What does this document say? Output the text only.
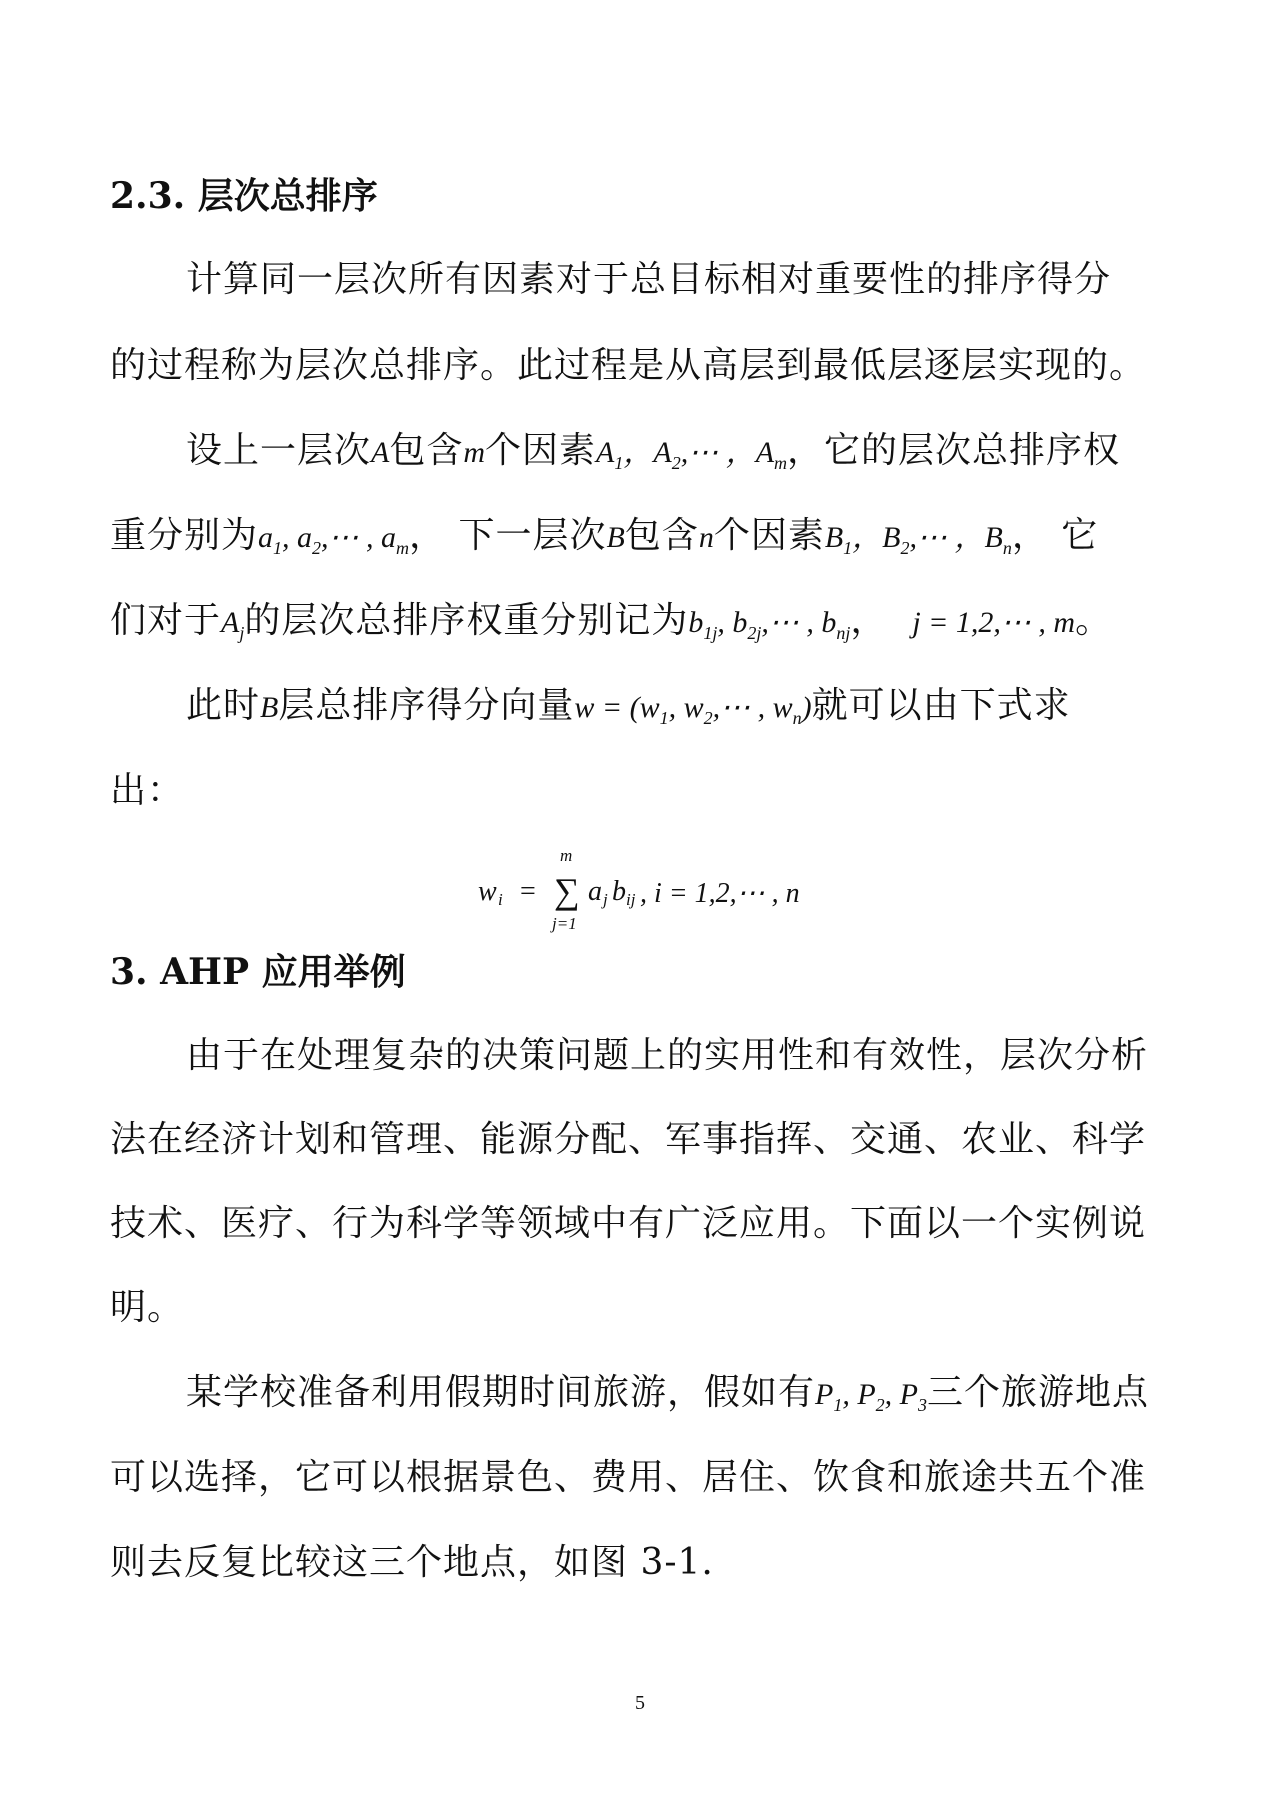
2.3. 层次总排序
计算同一层次所有因素对于总目标相对重要性的排序得分
的过程称为层次总排序。此过程是从高层到最低层逐层实现的。
设上一层次A包含m个因素$A_1$，$A_2,\cdots$ ，$A_m$，它的层次总排序权
重分别为$a_1$, $a_2,\cdots$ , $a_m$， 下一层次B包含n个因素$B_1$，$B_2,\cdots$ ，$B_n$， 它
们对于$A_j$的层次总排序权重分别记为$b_{1j}$, $b_{2j},\cdots$ , $b_{nj}$， j = 1,2,⋯ , m。
此时B层总排序得分向量$w = (w_1$, $w_2,\cdots$ , $w_n$)就可以由下式求
出：
w i =
m
∑
j=1
a j b ij , i = 1,2,⋯ , n
3. AHP 应用举例
由于在处理复杂的决策问题上的实用性和有效性，层次分析
法在经济计划和管理、能源分配、军事指挥、交通、农业、科学
技术、医疗、行为科学等领域中有广泛应用。下面以一个实例说
明。
某学校准备利用假期时间旅游，假如有$P_1$, $P_2$, $P_3$三个旅游地点
可以选择，它可以根据景色、费用、居住、饮食和旅途共五个准
则去反复比较这三个地点，如图 3-1.
5
